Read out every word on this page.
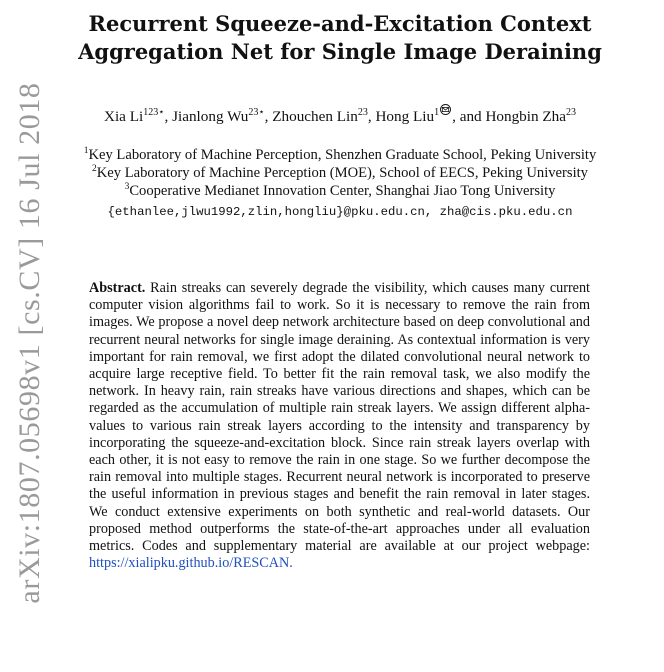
arXiv:1807.05698v1 [cs.CV] 16 Jul 2018
Recurrent Squeeze-and-Excitation Context
Aggregation Net for Single Image Deraining
Xia $Li^{123⋆}$, Jianlong $Wu^{23⋆}$, Zhouchen Lin$^{23}$, Hong Liu$^1$ , and Hongbin Zha$^{23}$
$^1$Key Laboratory of Machine Perception, Shenzhen Graduate School, Peking University
$^2$Key Laboratory of Machine Perception (MOE), School of EECS, Peking University
$^3$Cooperative Medianet Innovation Center, Shanghai Jiao Tong University
{ethanlee,jlwu1992,zlin,hongliu}@pku.edu.cn, zha@cis.pku.edu.cn
Abstract. Rain streaks can severely degrade the visibility, which causes many current computer vision algorithms fail to work. So it is necessary to remove the rain from images. We propose a novel deep network architecture based on deep convolutional and recurrent neural networks for single image deraining. As contextual information is very important for rain removal, we first adopt the dilated convolutional neural network to acquire large receptive field. To better fit the rain removal task, we also modify the network. In heavy rain, rain streaks have various directions and shapes, which can be regarded as the accumulation of multiple rain streak layers. We assign different alpha-values to various rain streak layers according to the intensity and transparency by incorporating the squeeze-and-excitation block. Since rain streak layers overlap with each other, it is not easy to remove the rain in one stage. So we further decompose the rain removal into multiple stages. Recurrent neural network is incorporated to preserve the useful information in previous stages and benefit the rain removal in later stages. We conduct extensive experiments on both synthetic and real-world datasets. Our proposed method outperforms the state-of-the-art approaches under all evaluation metrics. Codes and supplementary material are available at our project webpage: https://xialipku.github.io/RESCAN.
